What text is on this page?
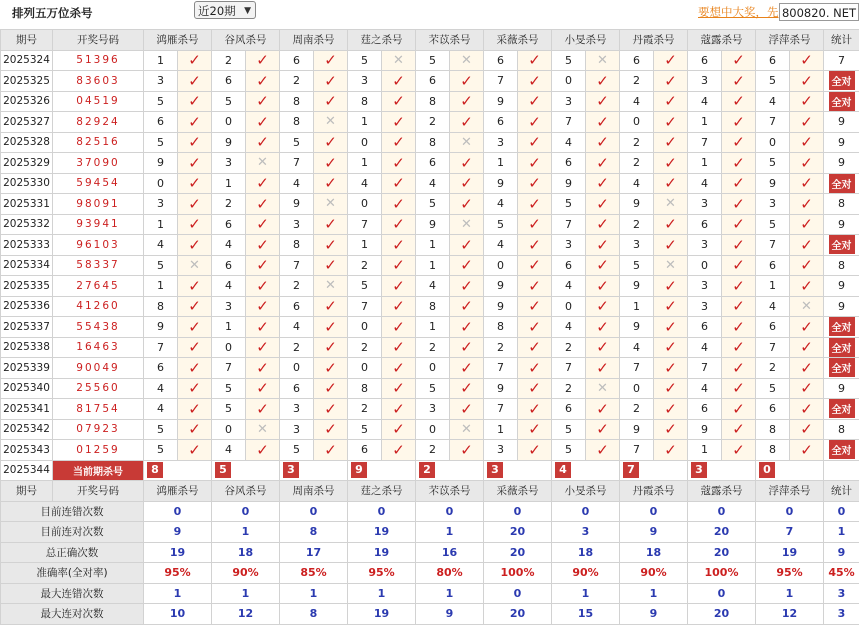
排列五万位杀号	近20期 ▼	要想中大奖，先 800820. NET
期号	开奖号码	鸿雁杀号		谷风杀号		周南杀号		莛之杀号		芣苡杀号		采薇杀号		小旻杀号		丹霞杀号		蔻露杀号		浮萍杀号		统计
2025324	51396	1	✓	2	✓	6	✓	5	✕	5	✕	6	✓	5	✕	6	✓	6	✓	6	✓	7
2025325	83603	3	✓	6	✓	2	✓	3	✓	6	✓	7	✓	0	✓	2	✓	3	✓	5	✓	全对
2025326	04519	5	✓	5	✓	8	✓	8	✓	8	✓	9	✓	3	✓	4	✓	4	✓	4	✓	全对
2025327	82924	6	✓	0	✓	8	✕	1	✓	2	✓	6	✓	7	✓	0	✓	1	✓	7	✓	9
2025328	82516	5	✓	9	✓	5	✓	0	✓	8	✕	3	✓	4	✓	2	✓	7	✓	0	✓	9
2025329	37090	9	✓	3	✕	7	✓	1	✓	6	✓	1	✓	6	✓	2	✓	1	✓	5	✓	9
2025330	59454	0	✓	1	✓	4	✓	4	✓	4	✓	9	✓	9	✓	4	✓	4	✓	9	✓	全对
2025331	98091	3	✓	2	✓	9	✕	0	✓	5	✓	4	✓	5	✓	9	✕	3	✓	3	✓	8
2025332	93941	1	✓	6	✓	3	✓	7	✓	9	✕	5	✓	7	✓	2	✓	6	✓	5	✓	9
2025333	96103	4	✓	4	✓	8	✓	1	✓	1	✓	4	✓	3	✓	3	✓	3	✓	7	✓	全对
2025334	58337	5	✕	6	✓	7	✓	2	✓	1	✓	0	✓	6	✓	5	✕	0	✓	6	✓	8
2025335	27645	1	✓	4	✓	2	✕	5	✓	4	✓	9	✓	4	✓	9	✓	3	✓	1	✓	9
2025336	41260	8	✓	3	✓	6	✓	7	✓	8	✓	9	✓	0	✓	1	✓	3	✓	4	✕	9
2025337	55438	9	✓	1	✓	4	✓	0	✓	1	✓	8	✓	4	✓	9	✓	6	✓	6	✓	全对
2025338	16463	7	✓	0	✓	2	✓	2	✓	2	✓	2	✓	2	✓	4	✓	4	✓	7	✓	全对
2025339	90049	6	✓	7	✓	0	✓	0	✓	0	✓	7	✓	7	✓	7	✓	7	✓	2	✓	全对
2025340	25560	4	✓	5	✓	6	✓	8	✓	5	✓	9	✓	2	✕	0	✓	4	✓	5	✓	9
2025341	81754	4	✓	5	✓	3	✓	2	✓	3	✓	7	✓	6	✓	2	✓	6	✓	6	✓	全对
2025342	07923	5	✓	0	✕	3	✓	5	✓	0	✕	1	✓	5	✓	9	✓	9	✓	8	✓	8
2025343	01259	5	✓	4	✓	5	✓	6	✓	2	✓	3	✓	5	✓	7	✓	1	✓	8	✓	全对
2025344	当前期杀号	8		5		3		9		2		3		4		7		3		0		

期号	开奖号码	鸿雁杀号		谷风杀号		周南杀号		莛之杀号		芣苡杀号		采薇杀号		小旻杀号		丹霞杀号		蔻露杀号		浮萍杀号		统计
目前连错次数		0		0		0		0		0		0		0		0		0		0		0
目前连对次数		9		1		8		19		1		20		3		9		20		7		1
总正确次数		19		18		17		19		16		20		18		18		20		19		9
准确率(全对率)		95%		90%		85%		95%		80%		100%		90%		90%		100%		95%		45%
最大连错次数		1		1		1		1		1		0		1		1		0		1		3
最大连对次数		10		12		8		19		9		20		15		9		20		12		3
